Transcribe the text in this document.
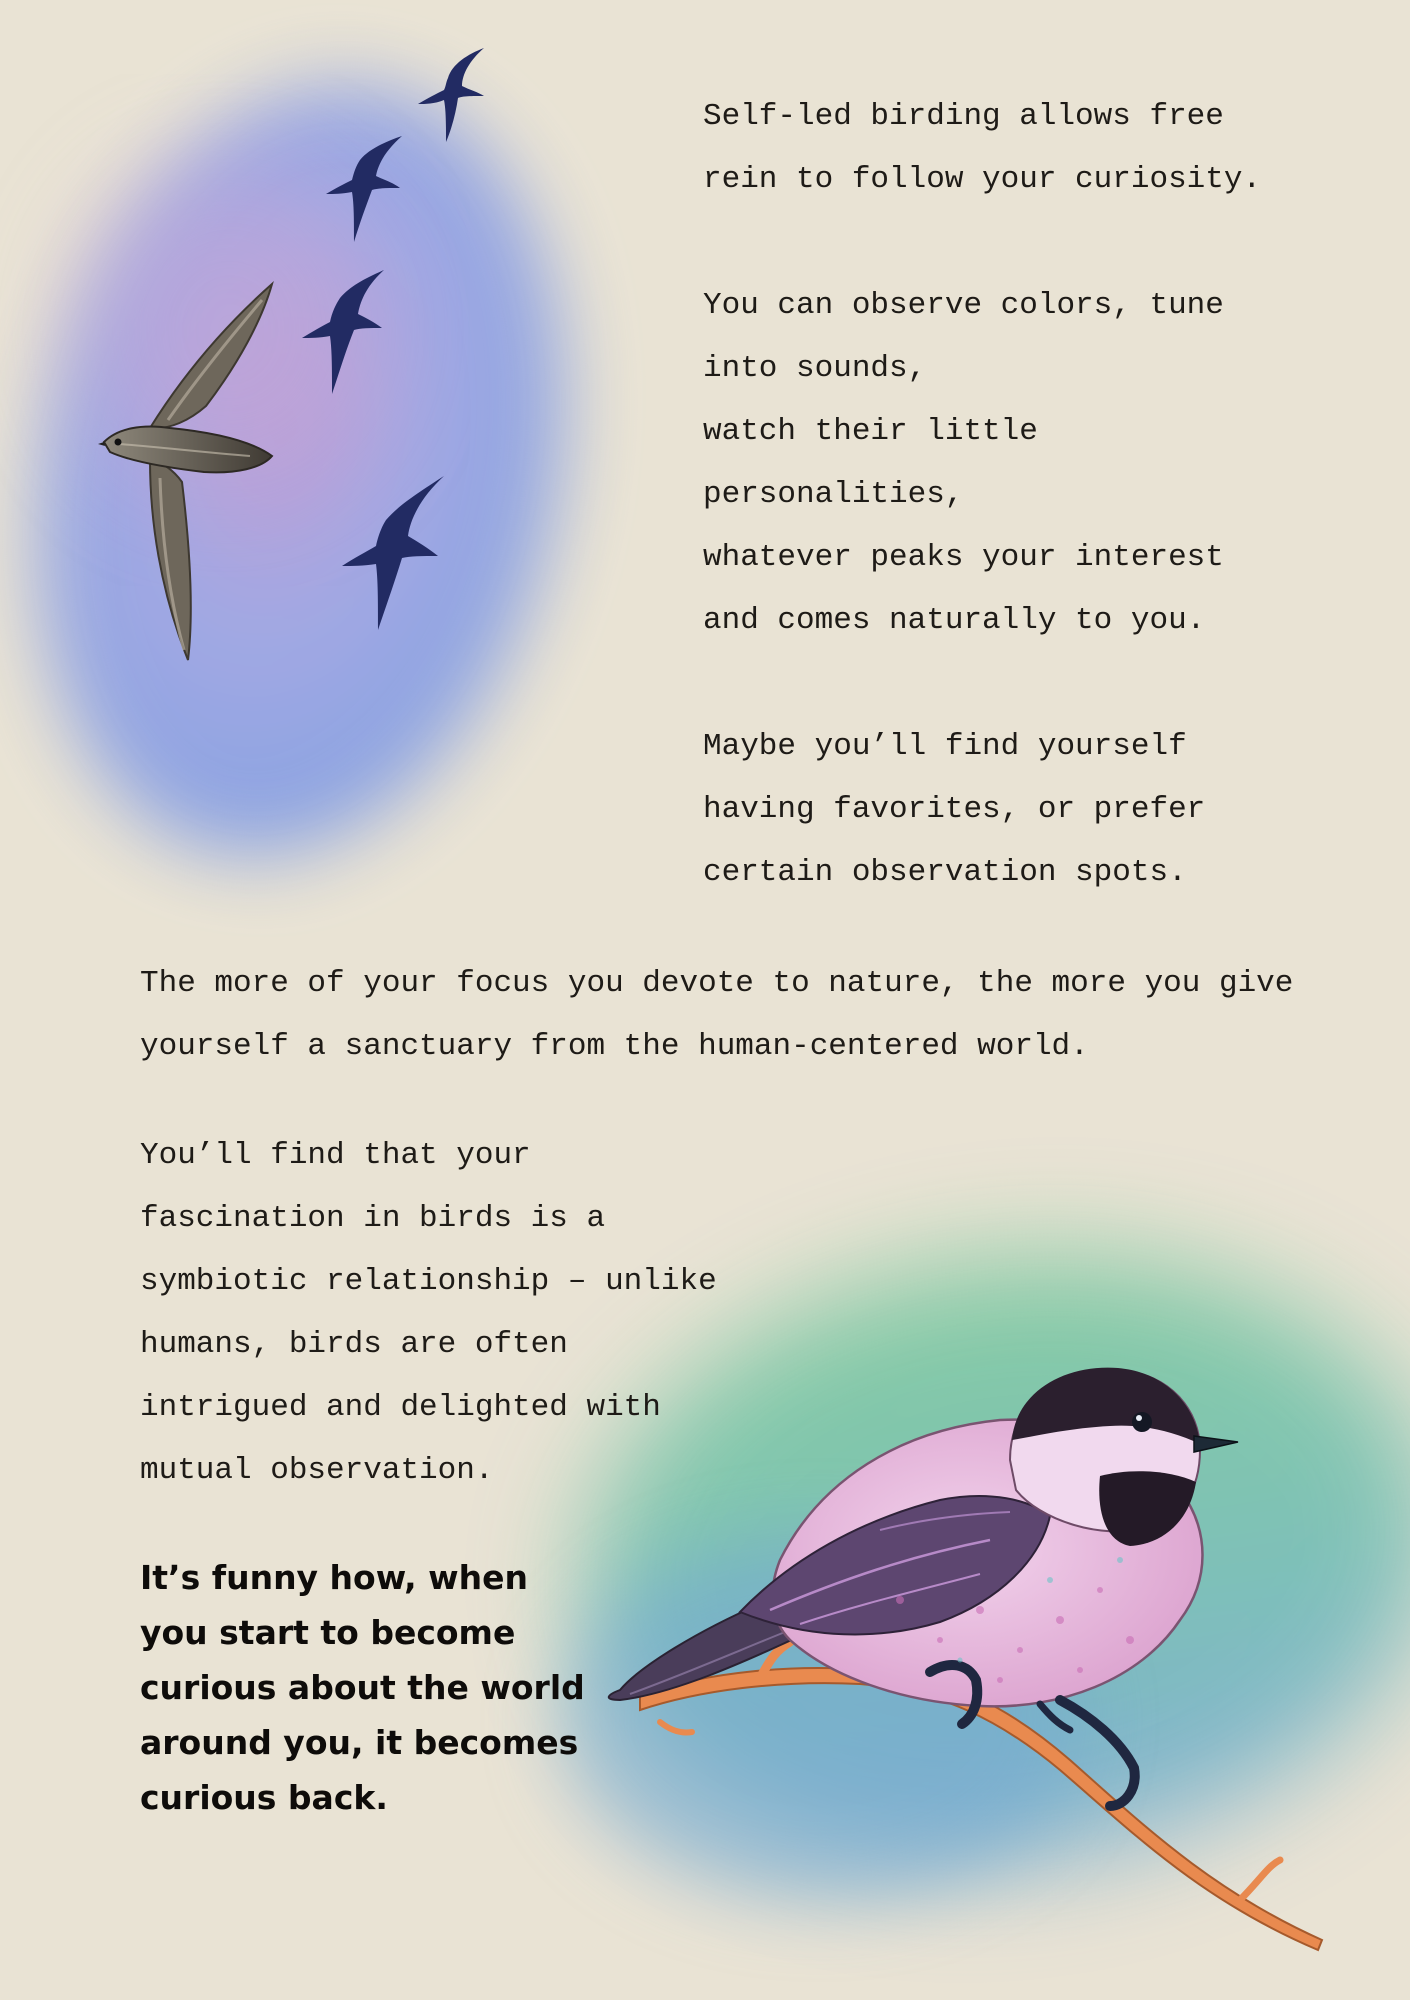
Self-led birding allows free
rein to follow your curiosity.

You can observe colors, tune
into sounds,
watch their little
personalities,
whatever peaks your interest
and comes naturally to you.

Maybe you’ll find yourself
having favorites, or prefer
certain observation spots.

The more of your focus you devote to nature, the more you give
yourself a sanctuary from the human-centered world.
You’ll find that your
fascination in birds is a
symbiotic relationship – unlike
humans, birds are often
intrigued and delighted with
mutual observation.
It’s funny how, when
you start to become
curious about the world
around you, it becomes
curious back.
